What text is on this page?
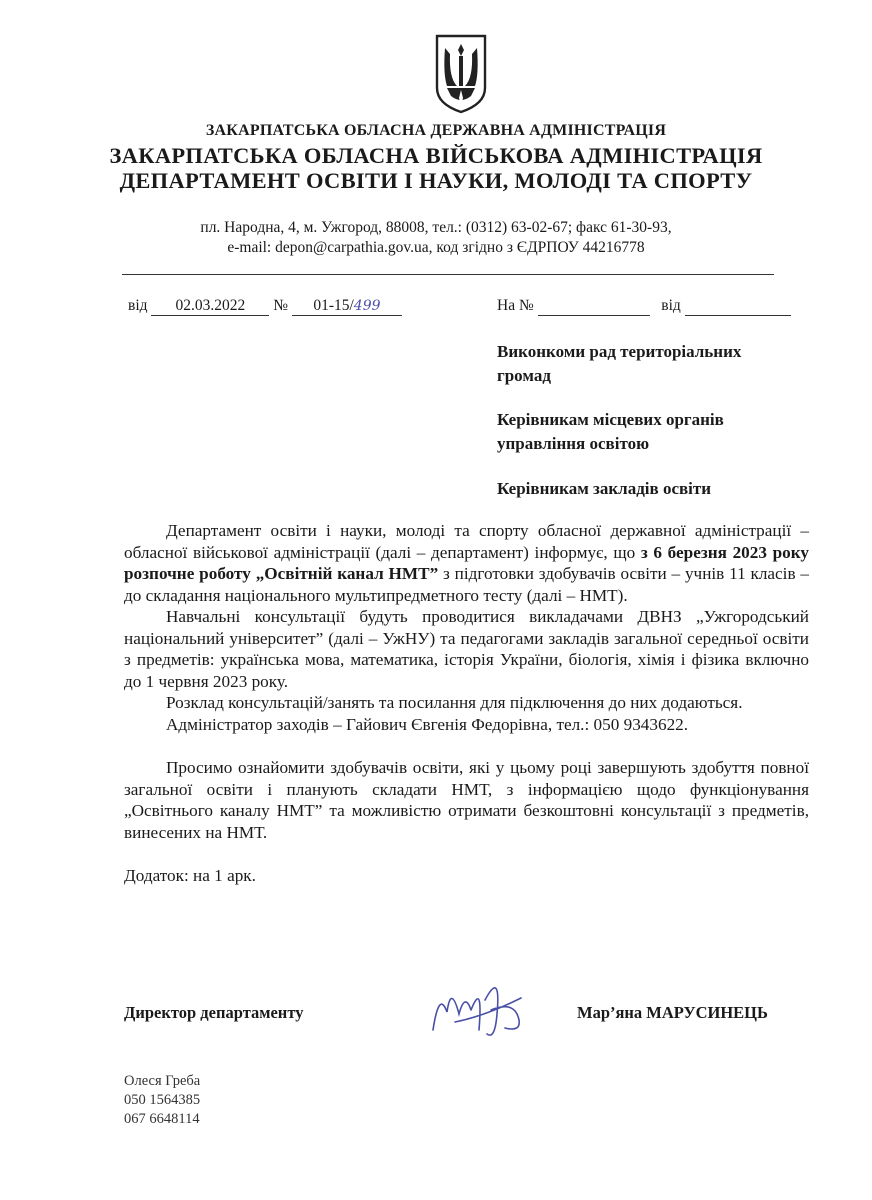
ЗАКАРПАТСЬКА ОБЛАСНА ДЕРЖАВНА АДМІНІСТРАЦІЯ
ЗАКАРПАТСЬКА ОБЛАСНА ВІЙСЬКОВА АДМІНІСТРАЦІЯ
ДЕПАРТАМЕНТ ОСВІТИ І НАУКИ, МОЛОДІ ТА СПОРТУ
пл. Народна, 4, м. Ужгород, 88008, тел.: (0312) 63-02-67; факс 61-30-93,
e-mail: depon@carpathia.gov.ua, код згідно з ЄДРПОУ 44216778
від 02.03.2022 № 01-15/499	На №	від
Виконкоми рад територіальних громад
Керівникам місцевих органів управління освітою
Керівникам закладів освіти

Департамент освіти і науки, молоді та спорту обласної державної адміністрації – обласної військової адміністрації (далі – департамент) інформує, що з 6 березня 2023 року розпочне роботу „Освітній канал НМТ” з підготовки здобувачів освіти – учнів 11 класів – до складання національного мультипредметного тесту (далі – НМТ).

Навчальні консультації будуть проводитися викладачами ДВНЗ „Ужгородський національний університет” (далі – УжНУ) та педагогами закладів загальної середньої освіти з предметів: українська мова, математика, історія України, біологія, хімія і фізика включно до 1 червня 2023 року.

Розклад консультацій/занять та посилання для підключення до них додаються.

Адміністратор заходів – Гайович Євгенія Федорівна, тел.: 050 9343622.

Просимо ознайомити здобувачів освіти, які у цьому році завершують здобуття повної загальної освіти і планують складати НМТ, з інформацією щодо функціонування „Освітнього каналу НМТ” та можливістю отримати безкоштовні консультації з предметів, винесених на НМТ.

Додаток: на 1 арк.

Директор департаменту	Мар’яна МАРУСИНЕЦЬ
Олеся Греба
050 1564385
067 6648114
